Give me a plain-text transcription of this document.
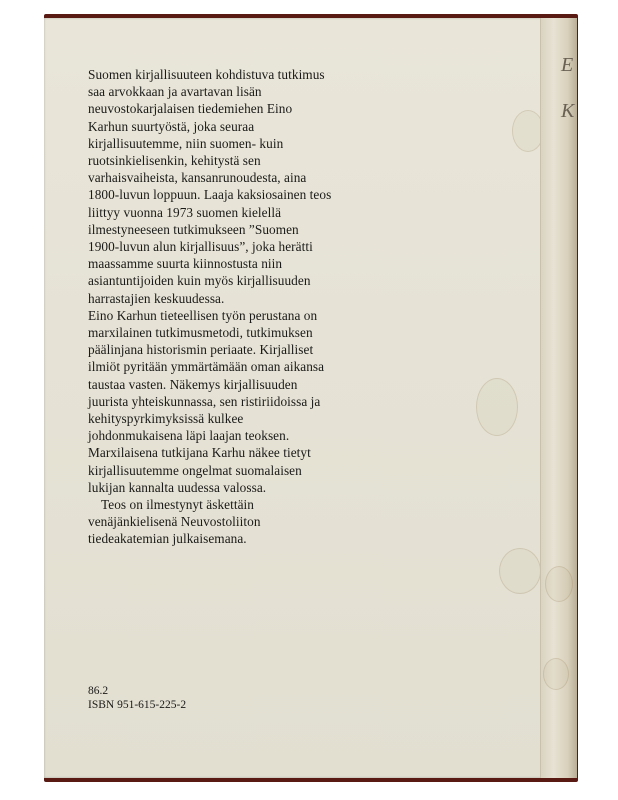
E
K
Suomen kirjallisuuteen kohdistuva tutkimus
saa arvokkaan ja avartavan lisän
neuvostokarjalaisen tiedemiehen Eino
Karhun suurtyöstä, joka seuraa
kirjallisuutemme, niin suomen- kuin
ruotsinkielisenkin, kehitystä sen
varhaisvaiheista, kansanrunoudesta, aina
1800-luvun loppuun. Laaja kaksiosainen teos
liittyy vuonna 1973 suomen kielellä
ilmestyneeseen tutkimukseen ”Suomen
1900-luvun alun kirjallisuus”, joka herätti
maassamme suurta kiinnostusta niin
asiantuntijoiden kuin myös kirjallisuuden
harrastajien keskuudessa.
Eino Karhun tieteellisen työn perustana on
marxilainen tutkimusmetodi, tutkimuksen
päälinjana historismin periaate. Kirjalliset
ilmiöt pyritään ymmärtämään oman aikansa
taustaa vasten. Näkemys kirjallisuuden
juurista yhteiskunnassa, sen ristiriidoissa ja
kehityspyrkimyksissä kulkee
johdonmukaisena läpi laajan teoksen.
Marxilaisena tutkijana Karhu näkee tietyt
kirjallisuutemme ongelmat suomalaisen
lukijan kannalta uudessa valossa.
Teos on ilmestynyt äskettäin
venäjänkielisenä Neuvostoliiton
tiedeakatemian julkaisemana.
86.2
ISBN 951-615-225-2
